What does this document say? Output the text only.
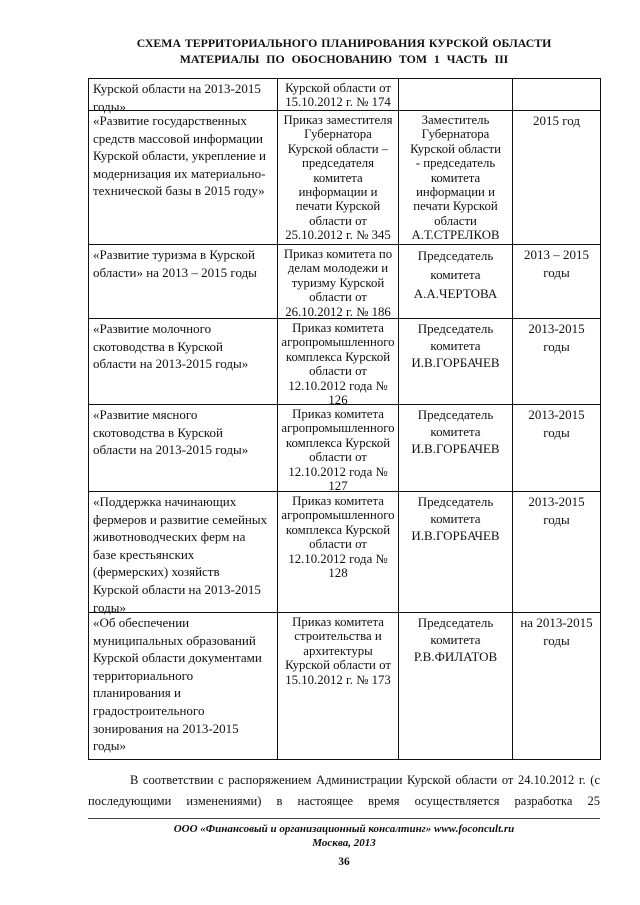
СХЕМА ТЕРРИТОРИАЛЬНОГО ПЛАНИРОВАНИЯ КУРСКОЙ ОБЛАСТИ
МАТЕРИАЛЫ ПО ОБОСНОВАНИЮ ТОМ 1 ЧАСТЬ III
Курской области на 2013-2015
годы»
Курской области от
15.10.2012 г. № 174
«Развитие государственных
средств массовой информации
Курской области, укрепление и
модернизация их материально-технической базы в 2015 году»
Приказ заместителя
Губернатора
Курской области –
председателя
комитета
информации и
печати Курской
области от
25.10.2012 г. № 345
Заместитель
Губернатора
Курской области
- председатель
комитета
информации и
печати Курской
области
А.Т.СТРЕЛКОВ
2015 год
«Развитие туризма в Курской
области» на 2013 – 2015 годы
Приказ комитета по
делам молодежи и
туризму Курской
области от
26.10.2012 г. № 186
Председатель
комитета
А.А.ЧЕРТОВА
2013 – 2015
годы
«Развитие молочного
скотоводства в Курской
области на 2013-2015 годы»
Приказ комитета
агропромышленного
комплекса Курской
области от
12.10.2012 года №
126
Председатель
комитета
И.В.ГОРБАЧЕВ
2013-2015
годы
«Развитие мясного
скотоводства в Курской
области на 2013-2015 годы»
Приказ комитета
агропромышленного
комплекса Курской
области от
12.10.2012 года №
127
Председатель
комитета
И.В.ГОРБАЧЕВ
2013-2015
годы
«Поддержка начинающих
фермеров и развитие семейных
животноводческих ферм на
базе крестьянских
(фермерских) хозяйств
Курской области на 2013-2015
годы»
Приказ комитета
агропромышленного
комплекса Курской
области от
12.10.2012 года №
128
Председатель
комитета
И.В.ГОРБАЧЕВ
2013-2015
годы
«Об обеспечении
муниципальных образований
Курской области документами
территориального
планирования и
градостроительного
зонирования на 2013-2015
годы»
Приказ комитета
строительства и
архитектуры
Курской области от
15.10.2012 г. № 173
Председатель
комитета
Р.В.ФИЛАТОВ
на 2013-2015
годы

В соответствии с распоряжением Администрации Курской области от 24.10.2012 г. (с последующими изменениями) в настоящее время осуществляется разработка 25

ООО «Финансовый и организационный консалтинг» www.foconcult.ru
Москва, 2013
36
